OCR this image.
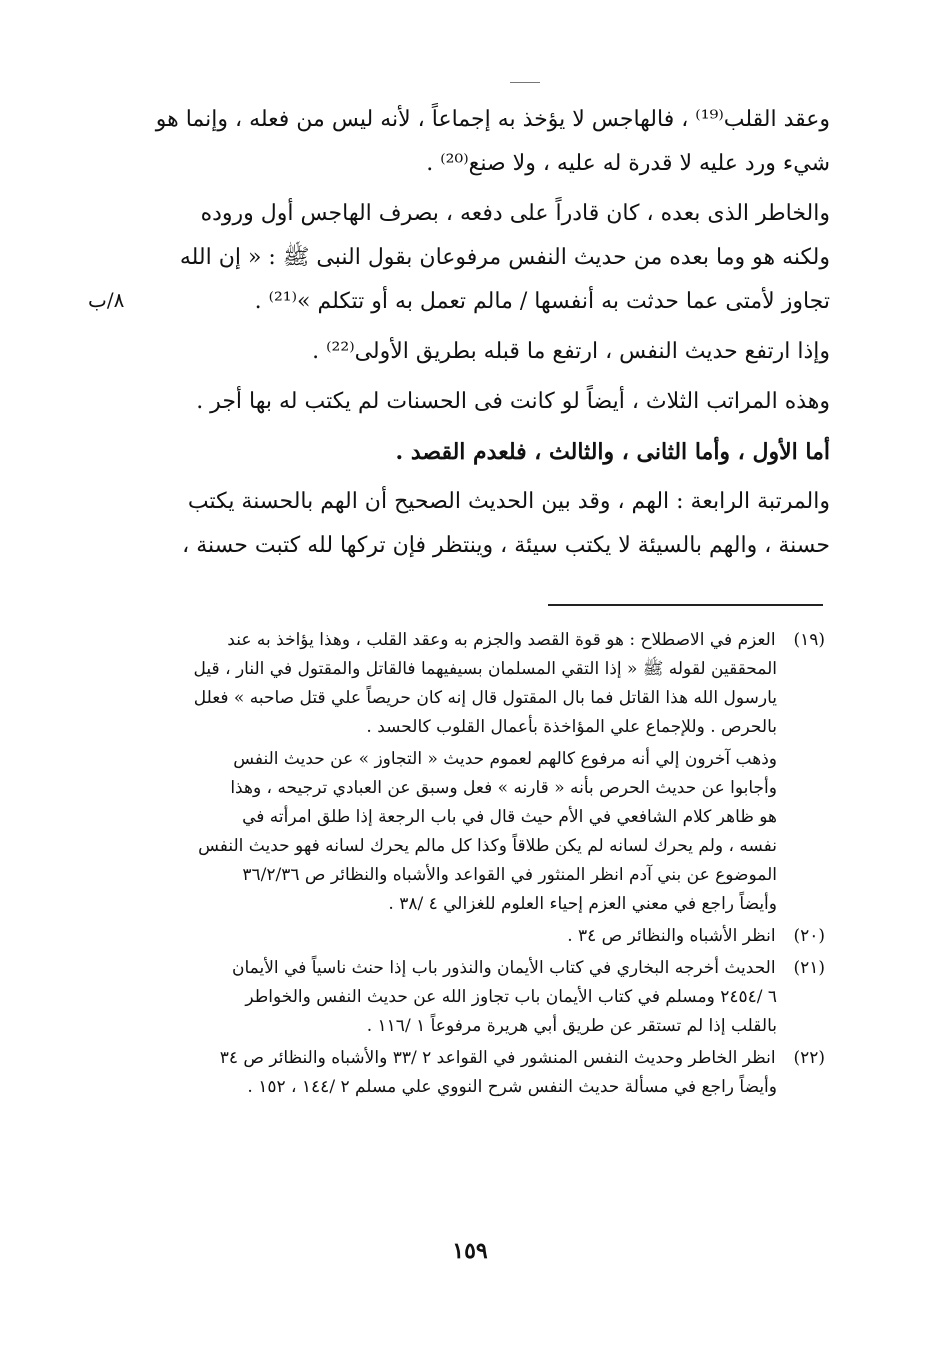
وعقد القلب⁽¹⁹⁾ ، فالهاجس لا يؤخذ به إجماعاً ، لأنه ليس من فعله ، وإنما هو
شيء ورد عليه لا قدرة له عليه ، ولا صنع⁽²⁰⁾ .

والخاطر الذى بعده ، كان قادراً على دفعه ، بصرف الهاجس أول وروده
ولكنه هو وما بعده من حديث النفس مرفوعان بقول النبى ﷺ : « إن الله
تجاوز لأمتى عما حدثت به أنفسها / مالم تعمل به أو تتكلم »⁽²¹⁾ .

وإذا ارتفع حديث النفس ، ارتفع ما قبله بطريق الأولى⁽²²⁾ .

وهذه المراتب الثلاث ، أيضاً لو كانت فى الحسنات لم يكتب له بها أجر .

أما الأول ، وأما الثانى ، والثالث ، فلعدم القصد .

والمرتبة الرابعة : الهم ، وقد بين الحديث الصحيح أن الهم بالحسنة يكتب
حسنة ، والهم بالسيئة لا يكتب سيئة ، وينتظر فإن تركها لله كتبت حسنة ،

٨/ب
(١٩) العزم في الاصطلاح : هو قوة القصد والجزم به وعقد القلب ، وهذا يؤاخذ به عند
المحققين لقوله ﷺ « إذا التقي المسلمان بسيفيهما فالقاتل والمقتول في النار ، قيل
يارسول الله هذا القاتل فما بال المقتول قال إنه كان حريصاً علي قتل صاحبه » فعلل
بالحرص . وللإجماع علي المؤاخذة بأعمال القلوب كالحسد .
وذهب آخرون إلي أنه مرفوع كالهم لعموم حديث « التجاوز » عن حديث النفس
وأجابوا عن حديث الحرص بأنه « قارنه » فعل وسبق عن العبادي ترجيحه ، وهذا
هو ظاهر كلام الشافعي في الأم حيث قال في باب الرجعة إذا طلق امرأته في
نفسه ، ولم يحرك لسانه لم يكن طلاقاً وكذا كل مالم يحرك لسانه فهو حديث النفس
الموضوع عن بني آدم انظر المنثور في القواعد والأشباه والنظائر ص ٣٦/٢/٣٦
وأيضاً راجع في معني العزم إحياء العلوم للغزالي ٤ /٣٨ .
(٢٠) انظر الأشباه والنظائر ص ٣٤ .
(٢١) الحديث أخرجه البخاري في كتاب الأيمان والنذور باب إذا حنث ناسياً في الأيمان
٦ /٢٤٥٤ ومسلم في كتاب الأيمان باب تجاوز الله عن حديث النفس والخواطر
بالقلب إذا لم تستقر عن طريق أبي هريرة مرفوعاً ١ /١١٦ .
(٢٢) انظر الخاطر وحديث النفس المنشور في القواعد ٢ /٣٣ والأشباه والنظائر ص ٣٤
وأيضاً راجع في مسألة حديث النفس شرح النووي علي مسلم ٢ /١٤٤ ، ١٥٢ .
١٥٩
